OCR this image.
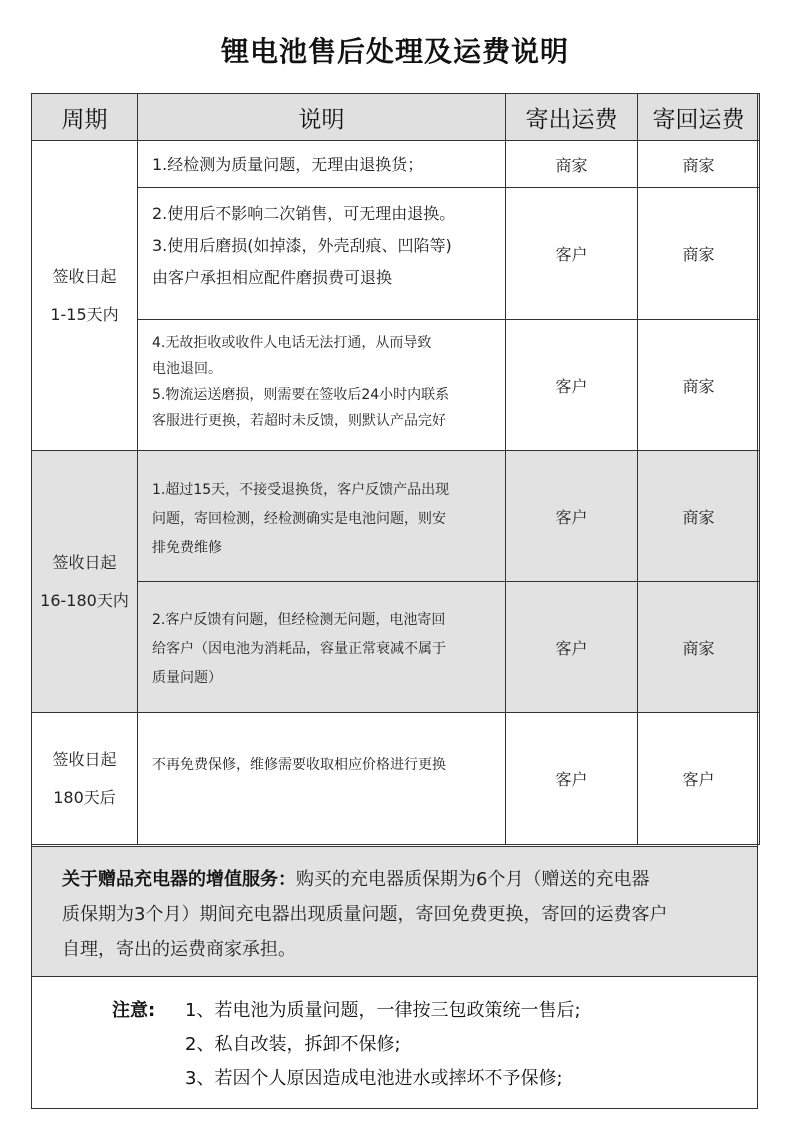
锂电池售后处理及运费说明
周期	说明	寄出运费	寄回运费

签收日起
1-15天内	1.经检测为质量问题，无理由退换货；	商家	商家

	2.使用后不影响二次销售，可无理由退换。
3.使用后磨损(如掉漆，外壳刮痕、凹陷等)
由客户承担相应配件磨损费可退换	客户	商家

	4.无故拒收或收件人电话无法打通，从而导致
电池退回。
5.物流运送磨损，则需要在签收后24小时内联系
客服进行更换，若超时未反馈，则默认产品完好	客户	商家

签收日起
16-180天内	1.超过15天，不接受退换货，客户反馈产品出现
问题，寄回检测，经检测确实是电池问题，则安
排免费维修	客户	商家

	2.客户反馈有问题，但经检测无问题，电池寄回
给客户（因电池为消耗品，容量正常衰减不属于
质量问题）	客户	商家

签收日起
180天后	不再免费保修，维修需要收取相应价格进行更换	客户	客户
关于赠品充电器的增值服务：购买的充电器质保期为6个月（赠送的充电器
质保期为3个月）期间充电器出现质量问题，寄回免费更换，寄回的运费客户
自理，寄出的运费商家承担。
注意: 1、若电池为质量问题，一律按三包政策统一售后;
2、私自改装，拆卸不保修;
3、若因个人原因造成电池进水或摔坏不予保修;
